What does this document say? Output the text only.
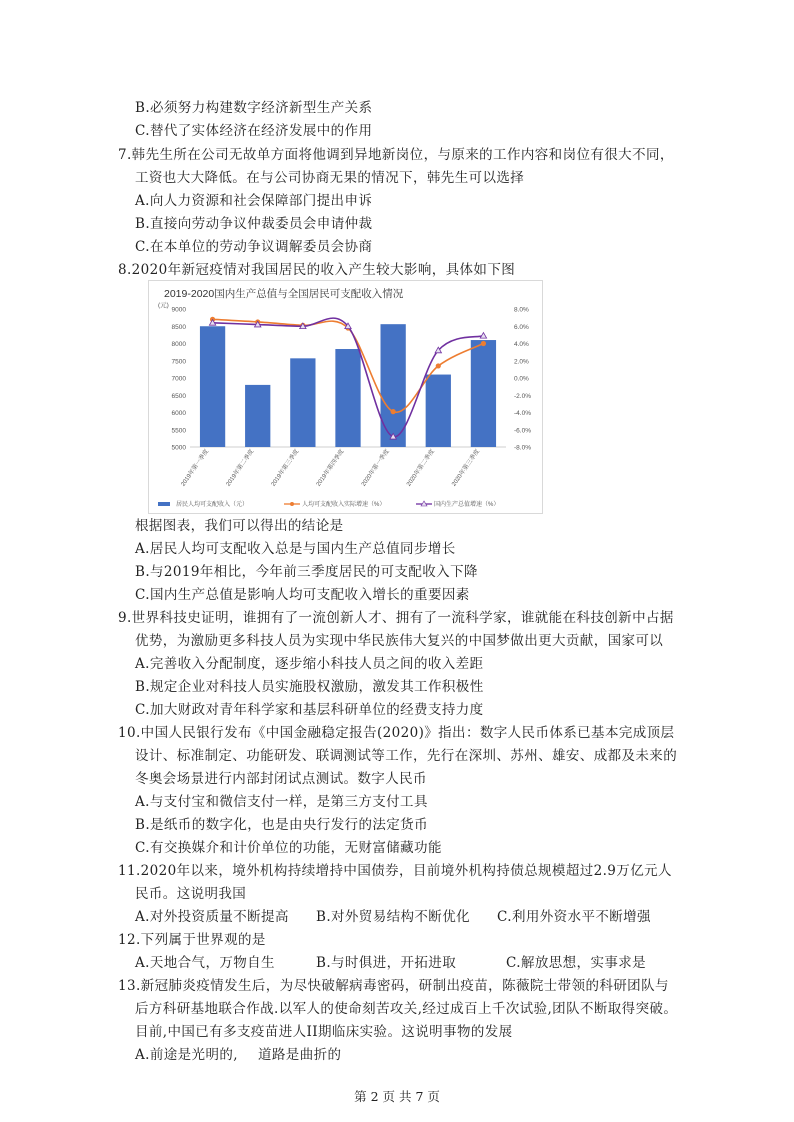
B.必须努力构建数字经济新型生产关系
C.替代了实体经济在经济发展中的作用
7.韩先生所在公司无故单方面将他调到异地新岗位，与原来的工作内容和岗位有很大不同，
工资也大大降低。在与公司协商无果的情况下，韩先生可以选择
A.向人力资源和社会保障部门提出申诉
B.直接向劳动争议仲裁委员会申请仲裁
C.在本单位的劳动争议调解委员会协商
8.2020年新冠疫情对我国居民的收入产生较大影响，具体如下图
2019-2020国内生产总值与全国居民可支配收入情况
(元)
9000
8500
8000
7500
7000
6500
6000
5500
5000
8.0%
6.0%
4.0%
2.0%
0.0%
-2.0%
-4.0%
-6.0%
-8.0%
2019年第一季度	2019年第二季度	2019年第三季度	2019年第四季度	2020年第一季度	2020年第二季度	2020年第三季度
居民人均可支配收入（元）	人均可支配收入实际增速（%）	国内生产总值增速（%）
根据图表，我们可以得出的结论是
A.居民人均可支配收入总是与国内生产总值同步增长
B.与2019年相比，今年前三季度居民的可支配收入下降
C.国内生产总值是影响人均可支配收入增长的重要因素
9.世界科技史证明，谁拥有了一流创新人才、拥有了一流科学家，谁就能在科技创新中占据
优势，为激励更多科技人员为实现中华民族伟大复兴的中国梦做出更大贡献，国家可以
A.完善收入分配制度，逐步缩小科技人员之间的收入差距
B.规定企业对科技人员实施股权激励，激发其工作积极性
C.加大财政对青年科学家和基层科研单位的经费支持力度
10.中国人民银行发布《中国金融稳定报告(2020)》指出：数字人民币体系已基本完成顶层
设计、标准制定、功能研发、联调测试等工作，先行在深圳、苏州、雄安、成都及未来的
冬奥会场景进行内部封闭试点测试。数字人民币
A.与支付宝和微信支付一样，是第三方支付工具
B.是纸币的数字化，也是由央行发行的法定货币
C.有交换媒介和计价单位的功能，无财富储藏功能
11.2020年以来，境外机构持续增持中国债券，目前境外机构持债总规模超过2.9万亿元人
民币。这说明我国
A.对外投资质量不断提高 B.对外贸易结构不断优化 C.利用外资水平不断增强
12.下列属于世界观的是
A.天地合气，万物自生	B.与时俱进，开拓进取	C.解放思想，实事求是
13.新冠肺炎疫情发生后，为尽快破解病毒密码，研制出疫苗，陈薇院士带领的科研团队与
后方科研基地联合作战.以军人的使命刻苦攻关,经过成百上千次试验,团队不断取得突破。
目前,中国已有多支疫苗进人II期临床实验。这说明事物的发展
A.前途是光明的, 道路是曲折的
第 2 页 共 7 页
